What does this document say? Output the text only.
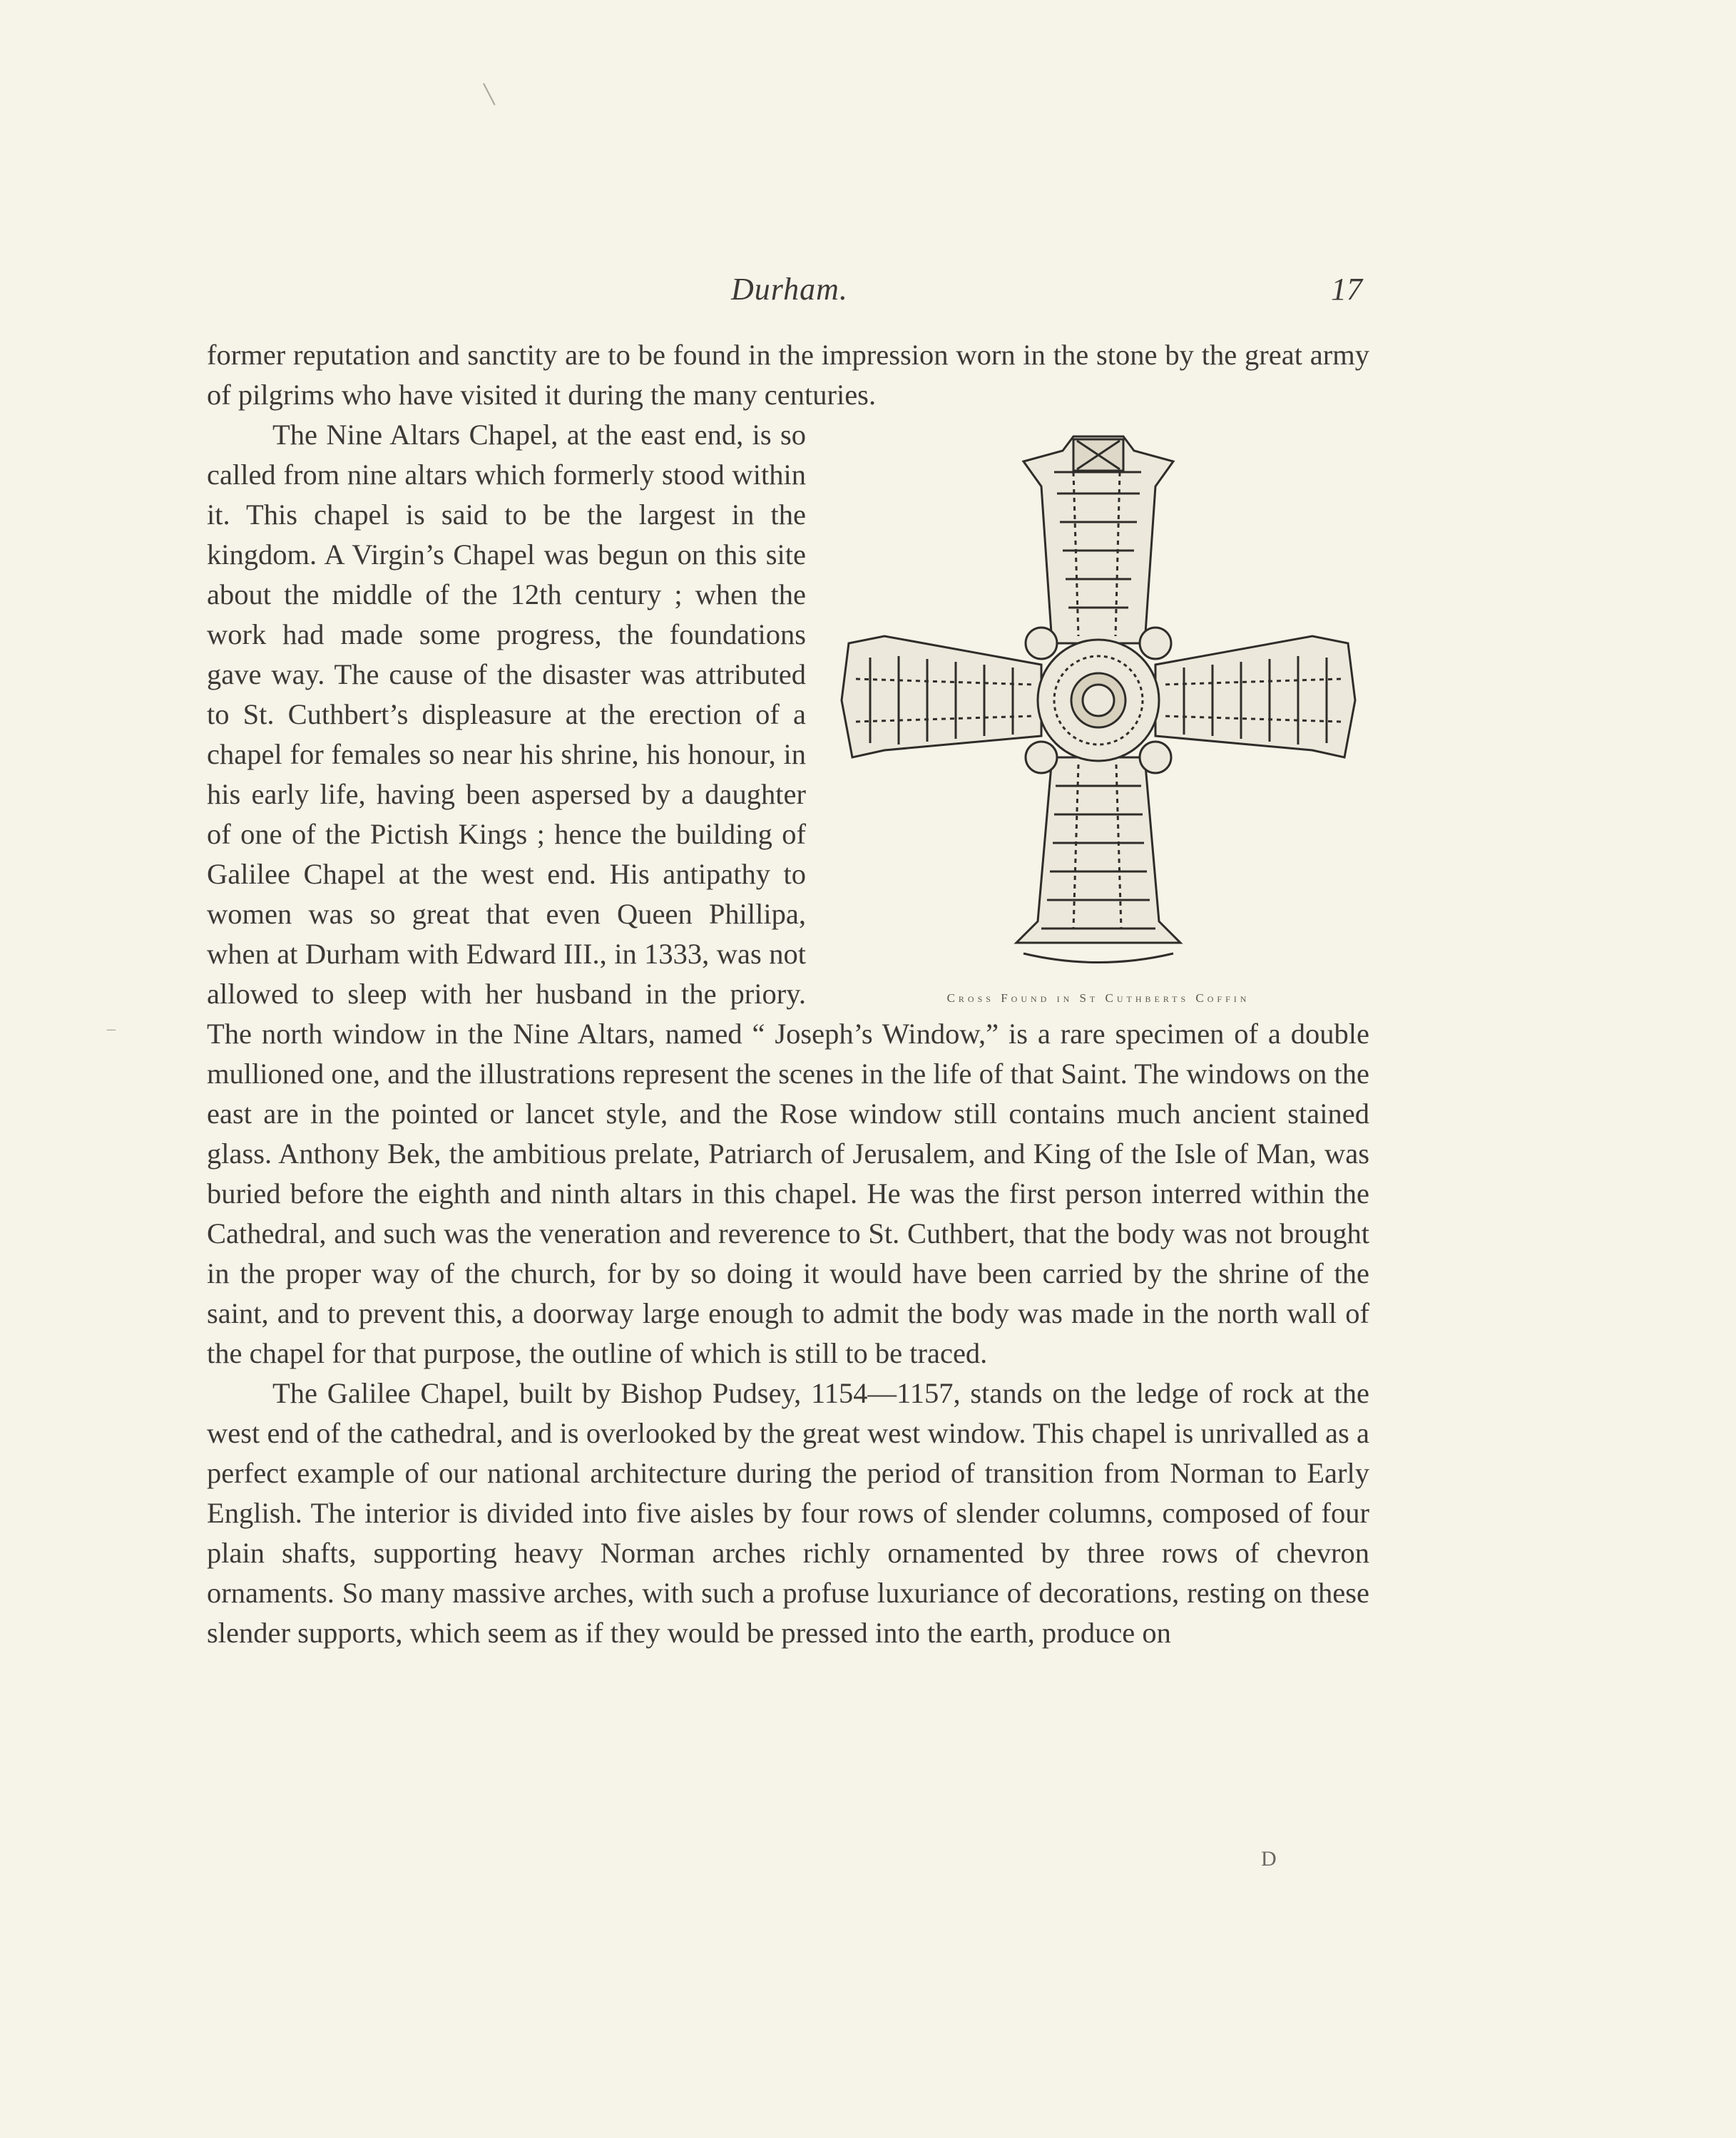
Durham.	17

former reputation and sanctity are to be found in the impression worn in the stone by the great army of pilgrims who have visited it during the many centuries.

Cross Found in St Cuthberts Coffin

The Nine Altars Chapel, at the east end, is so called from nine altars which formerly stood within it. This chapel is said to be the largest in the kingdom. A Virgin’s Chapel was begun on this site about the middle of the 12th century ; when the work had made some progress, the foundations gave way. The cause of the disaster was attributed to St. Cuthbert’s displeasure at the erection of a chapel for females so near his shrine, his honour, in his early life, having been aspersed by a daughter of one of the Pictish Kings ; hence the building of Galilee Chapel at the west end. His antipathy to women was so great that even Queen Phillipa, when at Durham with Edward III., in 1333, was not allowed to sleep with her husband in the priory. The north window in the Nine Altars, named “ Joseph’s Window,” is a rare specimen of a double mullioned one, and the illustrations represent the scenes in the life of that Saint. The windows on the east are in the pointed or lancet style, and the Rose window still contains much ancient stained glass. Anthony Bek, the ambitious prelate, Patriarch of Jerusalem, and King of the Isle of Man, was buried before the eighth and ninth altars in this chapel. He was the first person interred within the Cathedral, and such was the veneration and reverence to St. Cuthbert, that the body was not brought in the proper way of the church, for by so doing it would have been carried by the shrine of the saint, and to prevent this, a doorway large enough to admit the body was made in the north wall of the chapel for that purpose, the outline of which is still to be traced.

The Galilee Chapel, built by Bishop Pudsey, 1154—1157, stands on the ledge of rock at the west end of the cathedral, and is overlooked by the great west window. This chapel is unrivalled as a perfect example of our national architecture during the period of transition from Norman to Early English. The interior is divided into five aisles by four rows of slender columns, composed of four plain shafts, supporting heavy Norman arches richly ornamented by three rows of chevron ornaments. So many massive arches, with such a profuse luxuriance of decorations, resting on these slender supports, which seem as if they would be pressed into the earth, produce on

D
╲
–
